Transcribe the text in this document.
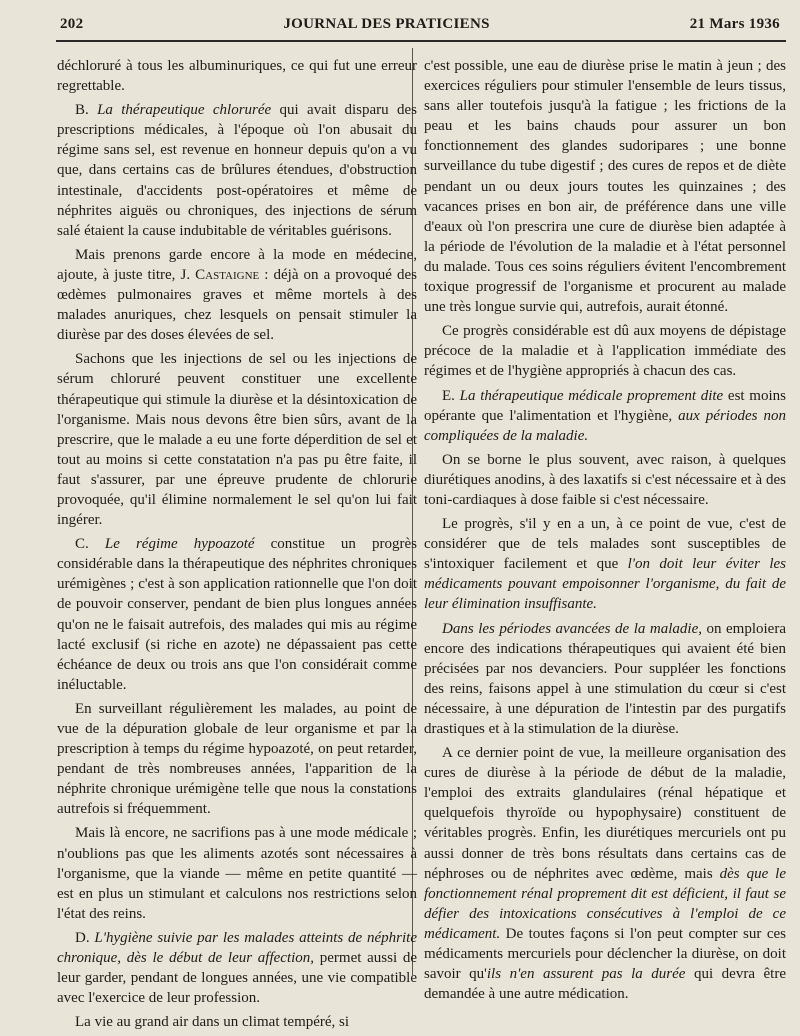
202	JOURNAL DES PRATICIENS	21 Mars 1936

déchloruré à tous les albuminuriques, ce qui fut une erreur regrettable.

B. La thérapeutique chlorurée qui avait disparu des prescriptions médicales, à l'époque où l'on abusait du régime sans sel, est revenue en honneur depuis qu'on a vu que, dans certains cas de brûlures étendues, d'obstruction intestinale, d'accidents post-opératoires et même de néphrites aiguës ou chroniques, des injections de sérum salé étaient la cause indubitable de véritables guérisons.

Mais prenons garde encore à la mode en médecine, ajoute, à juste titre, J. Castaigne : déjà on a provoqué des œdèmes pulmonaires graves et même mortels à des malades anuriques, chez lesquels on pensait stimuler la diurèse par des doses élevées de sel.

Sachons que les injections de sel ou les injections de sérum chloruré peuvent constituer une excellente thérapeutique qui stimule la diurèse et la désintoxication de l'organisme. Mais nous devons être bien sûrs, avant de la prescrire, que le malade a eu une forte déperdition de sel et tout au moins si cette constatation n'a pas pu être faite, il faut s'assurer, par une épreuve prudente de chlorurie provoquée, qu'il élimine normalement le sel qu'on lui fait ingérer.

C. Le régime hypoazoté constitue un progrès considérable dans la thérapeutique des néphrites chroniques urémigènes ; c'est à son application rationnelle que l'on doit de pouvoir conserver, pendant de bien plus longues années qu'on ne le faisait autrefois, des malades qui mis au régime lacté exclusif (si riche en azote) ne dépassaient pas cette échéance de deux ou trois ans que l'on considérait comme inéluctable.

En surveillant régulièrement les malades, au point de vue de la dépuration globale de leur organisme et par la prescription à temps du régime hypoazoté, on peut retarder, pendant de très nombreuses années, l'apparition de la néphrite chronique urémigène telle que nous la constations autrefois si fréquemment.

Mais là encore, ne sacrifions pas à une mode médicale ; n'oublions pas que les aliments azotés sont nécessaires à l'organisme, que la viande — même en petite quantité — est en plus un stimulant et calculons nos restrictions selon l'état des reins.

D. L'hygiène suivie par les malades atteints de néphrite chronique, dès le début de leur affection, permet aussi de leur garder, pendant de longues années, une vie compatible avec l'exercice de leur profession.

La vie au grand air dans un climat tempéré, si

c'est possible, une eau de diurèse prise le matin à jeun ; des exercices réguliers pour stimuler l'ensemble de leurs tissus, sans aller toutefois jusqu'à la fatigue ; les frictions de la peau et les bains chauds pour assurer un bon fonctionnement des glandes sudoripares ; une bonne surveillance du tube digestif ; des cures de repos et de diète pendant un ou deux jours toutes les quinzaines ; des vacances prises en bon air, de préférence dans une ville d'eaux où l'on prescrira une cure de diurèse bien adaptée à la période de l'évolution de la maladie et à l'état personnel du malade. Tous ces soins réguliers évitent l'encombrement toxique progressif de l'organisme et procurent au malade une très longue survie qui, autrefois, aurait étonné.

Ce progrès considérable est dû aux moyens de dépistage précoce de la maladie et à l'application immédiate des régimes et de l'hygiène appropriés à chacun des cas.

E. La thérapeutique médicale proprement dite est moins opérante que l'alimentation et l'hygiène, aux périodes non compliquées de la maladie.

On se borne le plus souvent, avec raison, à quelques diurétiques anodins, à des laxatifs si c'est nécessaire et à des toni-cardiaques à dose faible si c'est nécessaire.

Le progrès, s'il y en a un, à ce point de vue, c'est de considérer que de tels malades sont susceptibles de s'intoxiquer facilement et que l'on doit leur éviter les médicaments pouvant empoisonner l'organisme, du fait de leur élimination insuffisante.

Dans les périodes avancées de la maladie, on emploiera encore des indications thérapeutiques qui avaient été bien précisées par nos devanciers. Pour suppléer les fonctions des reins, faisons appel à une stimulation du cœur si c'est nécessaire, à une dépuration de l'intestin par des purgatifs drastiques et à la stimulation de la diurèse.

A ce dernier point de vue, la meilleure organisation des cures de diurèse à la période de début de la maladie, l'emploi des extraits glandulaires (rénal hépatique et quelquefois thyroïde ou hypophysaire) constituent de véritables progrès. Enfin, les diurétiques mercuriels ont pu aussi donner de très bons résultats dans certains cas de néphroses ou de néphrites avec œdème, mais dès que le fonctionnement rénal proprement dit est déficient, il faut se défier des intoxications consécutives à l'emploi de ce médicament. De toutes façons si l'on peut compter sur ces médicaments mercuriels pour déclencher la diurèse, on doit savoir qu'ils n'en assurent pas la durée qui devra être demandée à une autre médication.
